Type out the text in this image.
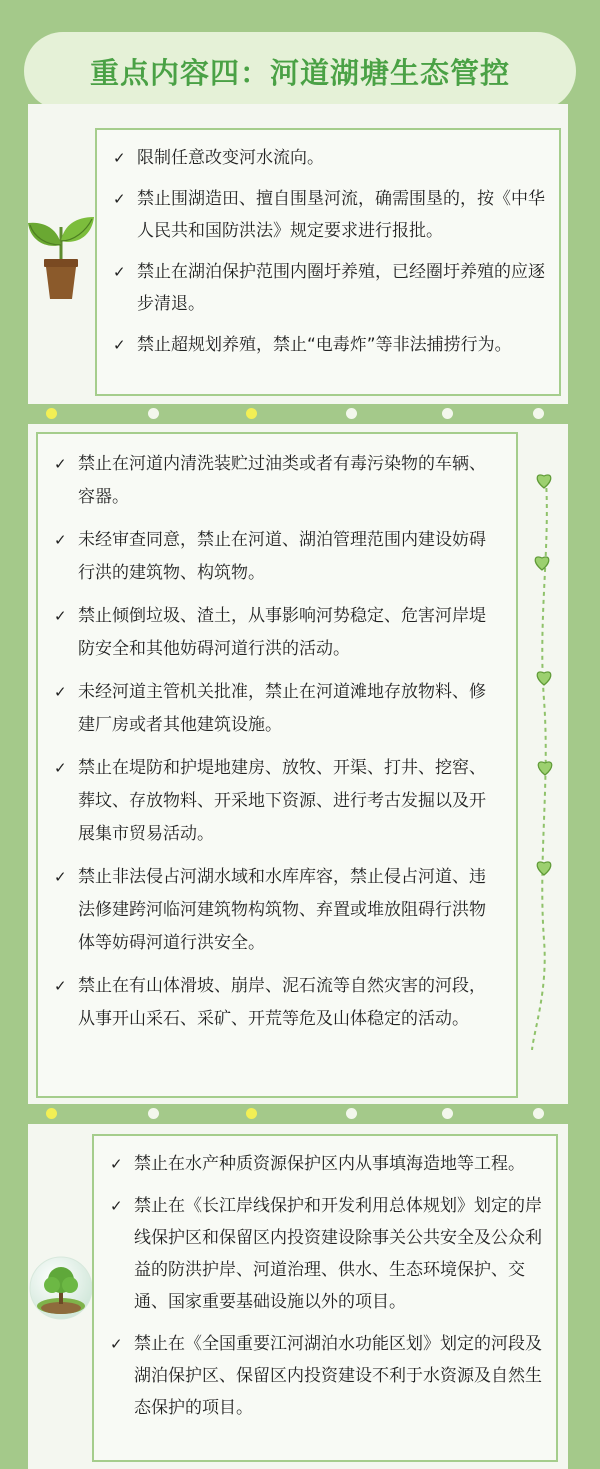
重点内容四：河道湖塘生态管控
✓ 限制任意改变河水流向。
✓ 禁止围湖造田、擅自围垦河流，确需围垦的，按《中华人民共和国防洪法》规定要求进行报批。
✓ 禁止在湖泊保护范围内圈圩养殖，已经圈圩养殖的应逐步清退。
✓ 禁止超规划养殖，禁止“电毒炸”等非法捕捞行为。
✓ 禁止在河道内清洗装贮过油类或者有毒污染物的车辆、容器。
✓ 未经审查同意，禁止在河道、湖泊管理范围内建设妨碍行洪的建筑物、构筑物。
✓ 禁止倾倒垃圾、渣土，从事影响河势稳定、危害河岸堤防安全和其他妨碍河道行洪的活动。
✓ 未经河道主管机关批准，禁止在河道滩地存放物料、修建厂房或者其他建筑设施。
✓ 禁止在堤防和护堤地建房、放牧、开渠、打井、挖窖、葬坟、存放物料、开采地下资源、进行考古发掘以及开展集市贸易活动。
✓ 禁止非法侵占河湖水域和水库库容，禁止侵占河道、违法修建跨河临河建筑物构筑物、弃置或堆放阻碍行洪物体等妨碍河道行洪安全。
✓ 禁止在有山体滑坡、崩岸、泥石流等自然灾害的河段，从事开山采石、采矿、开荒等危及山体稳定的活动。
✓ 禁止在水产种质资源保护区内从事填海造地等工程。
✓ 禁止在《长江岸线保护和开发利用总体规划》划定的岸线保护区和保留区内投资建设除事关公共安全及公众利益的防洪护岸、河道治理、供水、生态环境保护、交通、国家重要基础设施以外的项目。
✓ 禁止在《全国重要江河湖泊水功能区划》划定的河段及湖泊保护区、保留区内投资建设不利于水资源及自然生态保护的项目。
